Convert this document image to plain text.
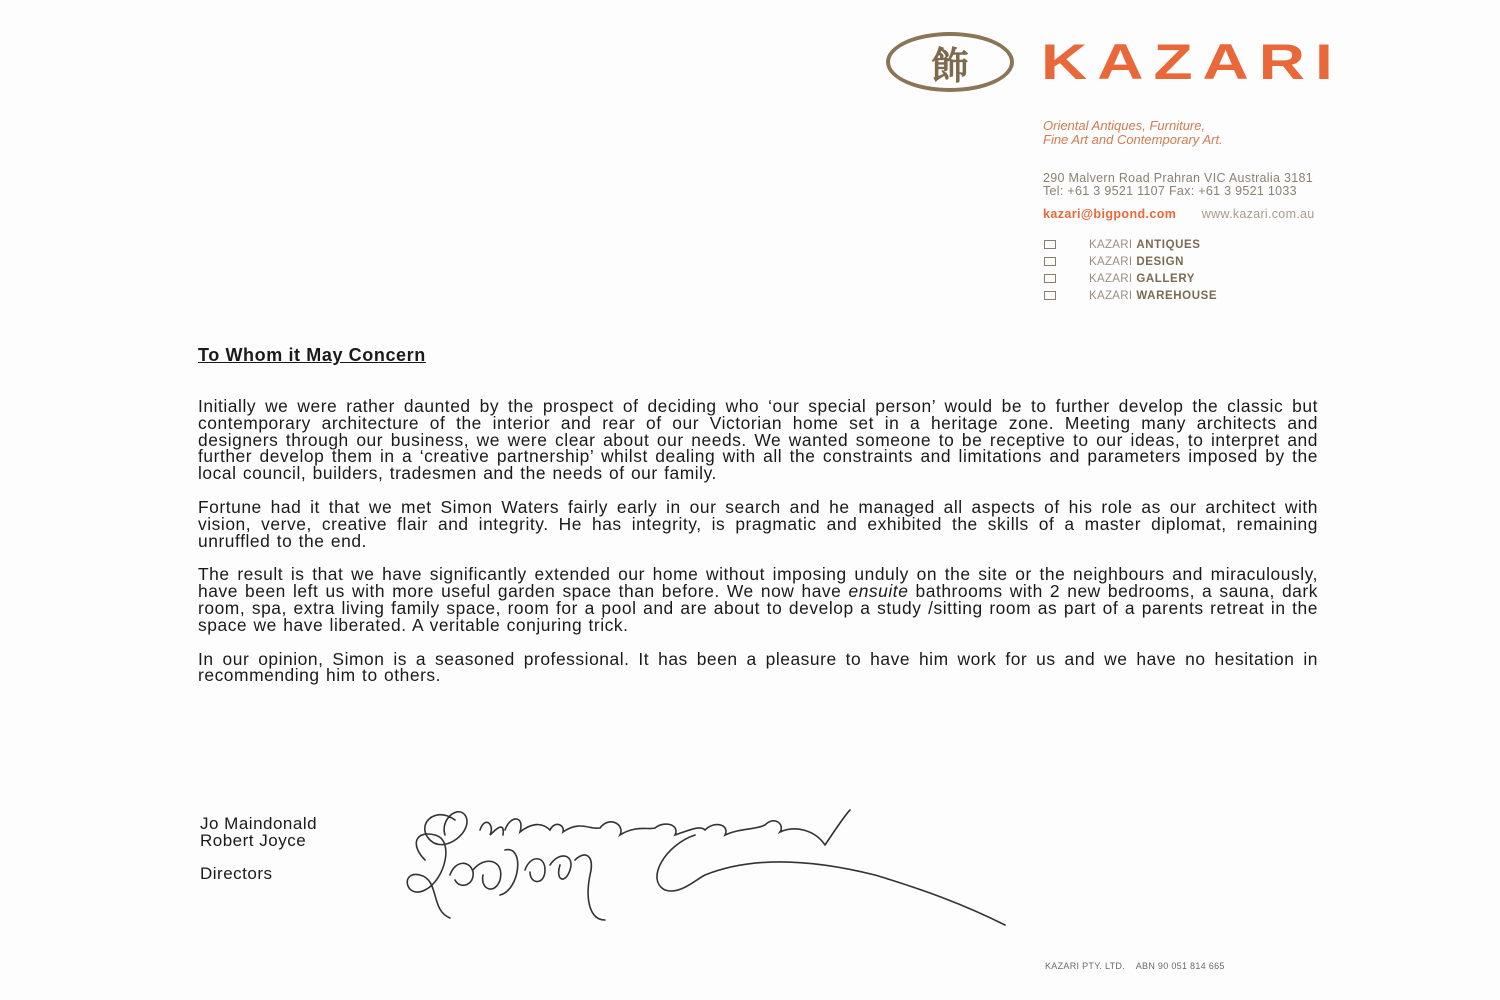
飾	KAZARI
Oriental Antiques, Furniture,
Fine Art and Contemporary Art.
290 Malvern Road Prahran VIC Australia 3181
Tel: +61 3 9521 1107 Fax: +61 3 9521 1033
kazari@bigpond.com www.kazari.com.au
KAZARI ANTIQUES
KAZARI DESIGN
KAZARI GALLERY
KAZARI WAREHOUSE

To Whom it May Concern

Initially we were rather daunted by the prospect of deciding who ‘our special person’ would be to further develop the classic but contemporary architecture of the interior and rear of our Victorian home set in a heritage zone. Meeting many architects and designers through our business, we were clear about our needs. We wanted someone to be receptive to our ideas, to interpret and further develop them in a ‘creative partnership’ whilst dealing with all the constraints and limitations and parameters imposed by the local council, builders, tradesmen and the needs of our family.

Fortune had it that we met Simon Waters fairly early in our search and he managed all aspects of his role as our architect with vision, verve, creative flair and integrity. He has integrity, is pragmatic and exhibited the skills of a master diplomat, remaining unruffled to the end.

The result is that we have significantly extended our home without imposing unduly on the site or the neighbours and miraculously, have been left us with more useful garden space than before. We now have ensuite bathrooms with 2 new bedrooms, a sauna, dark room, spa, extra living family space, room for a pool and are about to develop a study /sitting room as part of a parents retreat in the space we have liberated. A veritable conjuring trick.

In our opinion, Simon is a seasoned professional. It has been a pleasure to have him work for us and we have no hesitation in recommending him to others.

Jo Maindonald
Robert Joyce
Directors
KAZARI PTY. LTD. ABN 90 051 814 665
